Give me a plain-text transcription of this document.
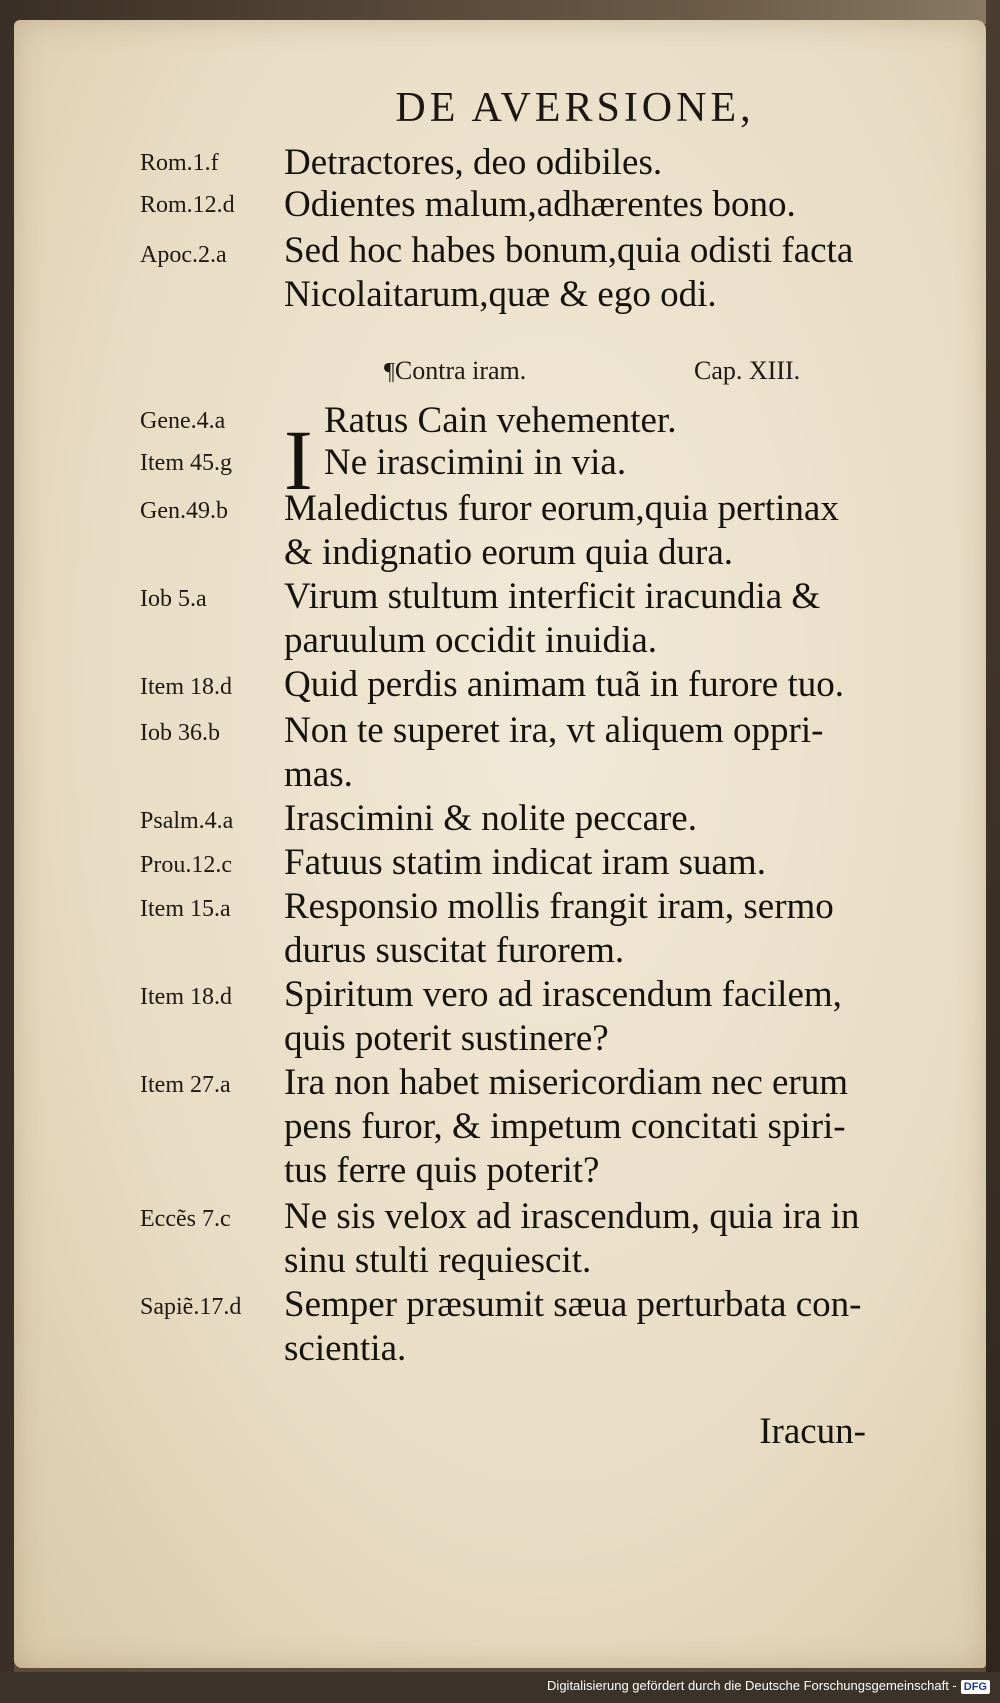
DE AVERSIONE,
Rom.1.f	Detractores, deo odibiles.
Rom.12.d	Odientes malum,adhærentes bono.
Apoc.2.a	Sed hoc habes bonum,quia odisti facta
Nicolaitarum,quæ & ego odi.
¶Contra iram.	Cap. XIII.
I
Gene.4.a	Ratus Cain vehementer.
Item 45.g	Ne irascimini in via.
Gen.49.b	Maledictus furor eorum,quia pertinax
& indignatio eorum quia dura.
Iob 5.a	Virum stultum interficit iracundia &
paruulum occidit inuidia.
Item 18.d	Quid perdis animam tuã in furore tuo.
Iob 36.b	Non te superet ira, vt aliquem oppri-
mas.
Psalm.4.a	Irascimini & nolite peccare.
Prou.12.c	Fatuus statim indicat iram suam.
Item 15.a	Responsio mollis frangit iram, sermo
durus suscitat furorem.
Item 18.d	Spiritum vero ad irascendum facilem,
quis poterit sustinere?
Item 27.a	Ira non habet misericordiam nec erum
pens furor, & impetum concitati spiri-
tus ferre quis poterit?
Eccẽs 7.c	Ne sis velox ad irascendum, quia ira in
sinu stulti requiescit.
Sapiẽ.17.d	Semper præsumit sæua perturbata con-
scientia.
Iracun-
Digitalisierung gefördert durch die Deutsche Forschungsgemeinschaft - DFG
